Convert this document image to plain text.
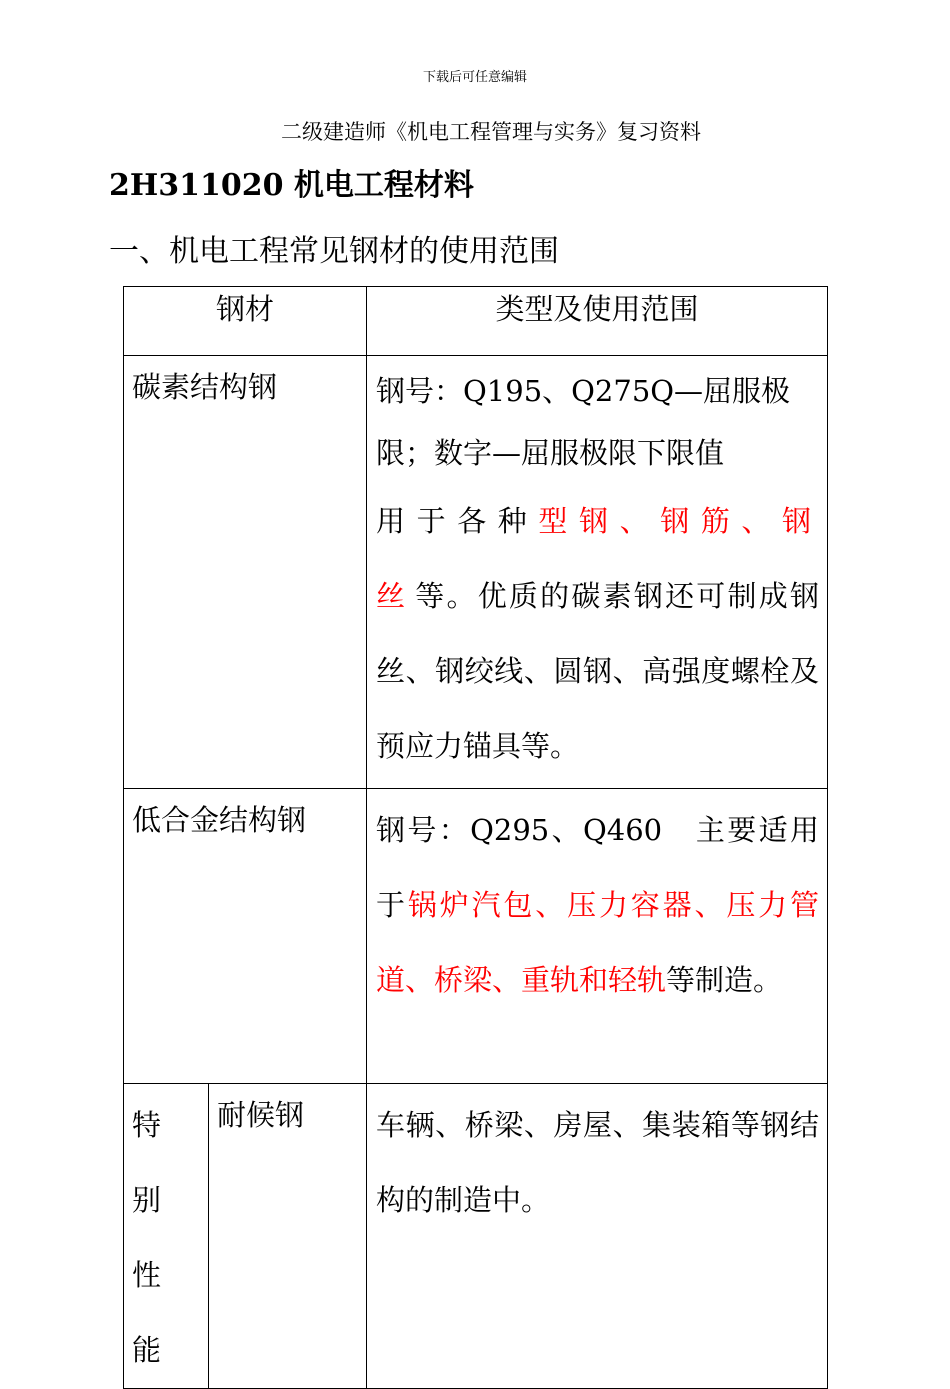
下载后可任意编辑
二级建造师《机电工程管理与实务》复习资料
2H311020 机电工程材料
一、机电工程常见钢材的使用范围
钢材		类型及使用范围
碳素结构钢		钢号：Q195、Q275Q—屈服极
限；数字—屈服极限下限值
用于各种型钢、钢筋、钢丝等。优质的碳素钢还可制成钢丝、钢绞线、圆钢、高强度螺栓及预应力锚具等。
低合金结构钢		钢号：Q295、Q460　主要适用于锅炉汽包、压力容器、压力管道、桥梁、重轨和轻轨等制造。
特别性能	耐候钢	车辆、桥梁、房屋、集装箱等钢结构的制造中。
